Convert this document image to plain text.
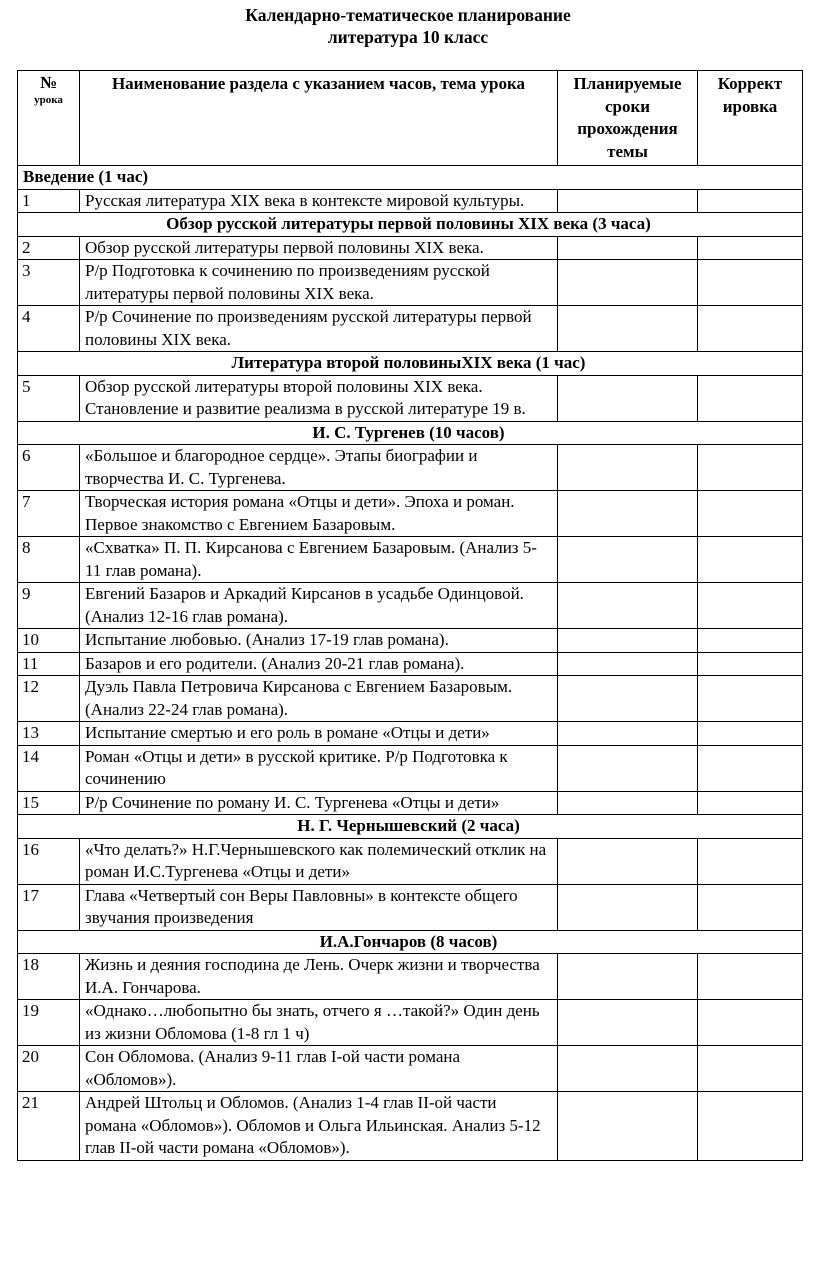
Календарно-тематическое планирование
литература 10 класс
№
урока	Наименование раздела с указанием часов, тема урока	Планируемые сроки прохождения темы	Коррект ировка
Введение (1 час)			
1	Русская литература XIX века в контексте мировой культуры.		
Обзор русской литературы первой половины XIX века (3 часа)			
2	Обзор русской литературы первой половины XIX века.		
3	Р/р Подготовка к сочинению по произведениям русской литературы первой половины XIX века.		
4	Р/р Сочинение по произведениям русской литературы первой половины XIX века.		
Литература второй половиныXIX века (1 час)			
5	Обзор русской литературы второй половины XIX века. Становление и развитие реализма в русской литературе 19 в.		
И. С. Тургенев (10 часов)			
6	«Большое и благородное сердце». Этапы биографии и творчества И. С. Тургенева.		
7	Творческая история романа «Отцы и дети». Эпоха и роман. Первое знакомство с Евгением Базаровым.		
8	«Схватка» П. П. Кирсанова с Евгением Базаровым. (Анализ 5-11 глав романа).		
9	Евгений Базаров и Аркадий Кирсанов в усадьбе Одинцовой. (Анализ 12-16 глав романа).		
10	Испытание любовью. (Анализ 17-19 глав романа).		
11	Базаров и его родители. (Анализ 20-21 глав романа).		
12	Дуэль Павла Петровича Кирсанова с Евгением Базаровым. (Анализ 22-24 глав романа).		
13	Испытание смертью и его роль в романе «Отцы и дети»		
14	Роман «Отцы и дети» в русской критике. Р/р Подготовка к сочинению		
15	Р/р Сочинение по роману И. С. Тургенева «Отцы и дети»		
Н. Г. Чернышевский (2 часа)			
16	«Что делать?» Н.Г.Чернышевского как полемический отклик на роман И.С.Тургенева «Отцы и дети»		
17	Глава «Четвертый сон Веры Павловны» в контексте общего звучания произведения		
И.А.Гончаров (8 часов)			
18	Жизнь и деяния господина де Лень. Очерк жизни и творчества И.А. Гончарова.		
19	«Однако…любопытно бы знать, отчего я …такой?» Один день из жизни Обломова (1-8 гл 1 ч)		
20	Сон Обломова. (Анализ 9-11 глав I-ой части романа «Обломов»).		
21	Андрей Штольц и Обломов. (Анализ 1-4 глав II-ой части романа «Обломов»). Обломов и Ольга Ильинская. Анализ 5-12 глав II-ой части романа «Обломов»).		
